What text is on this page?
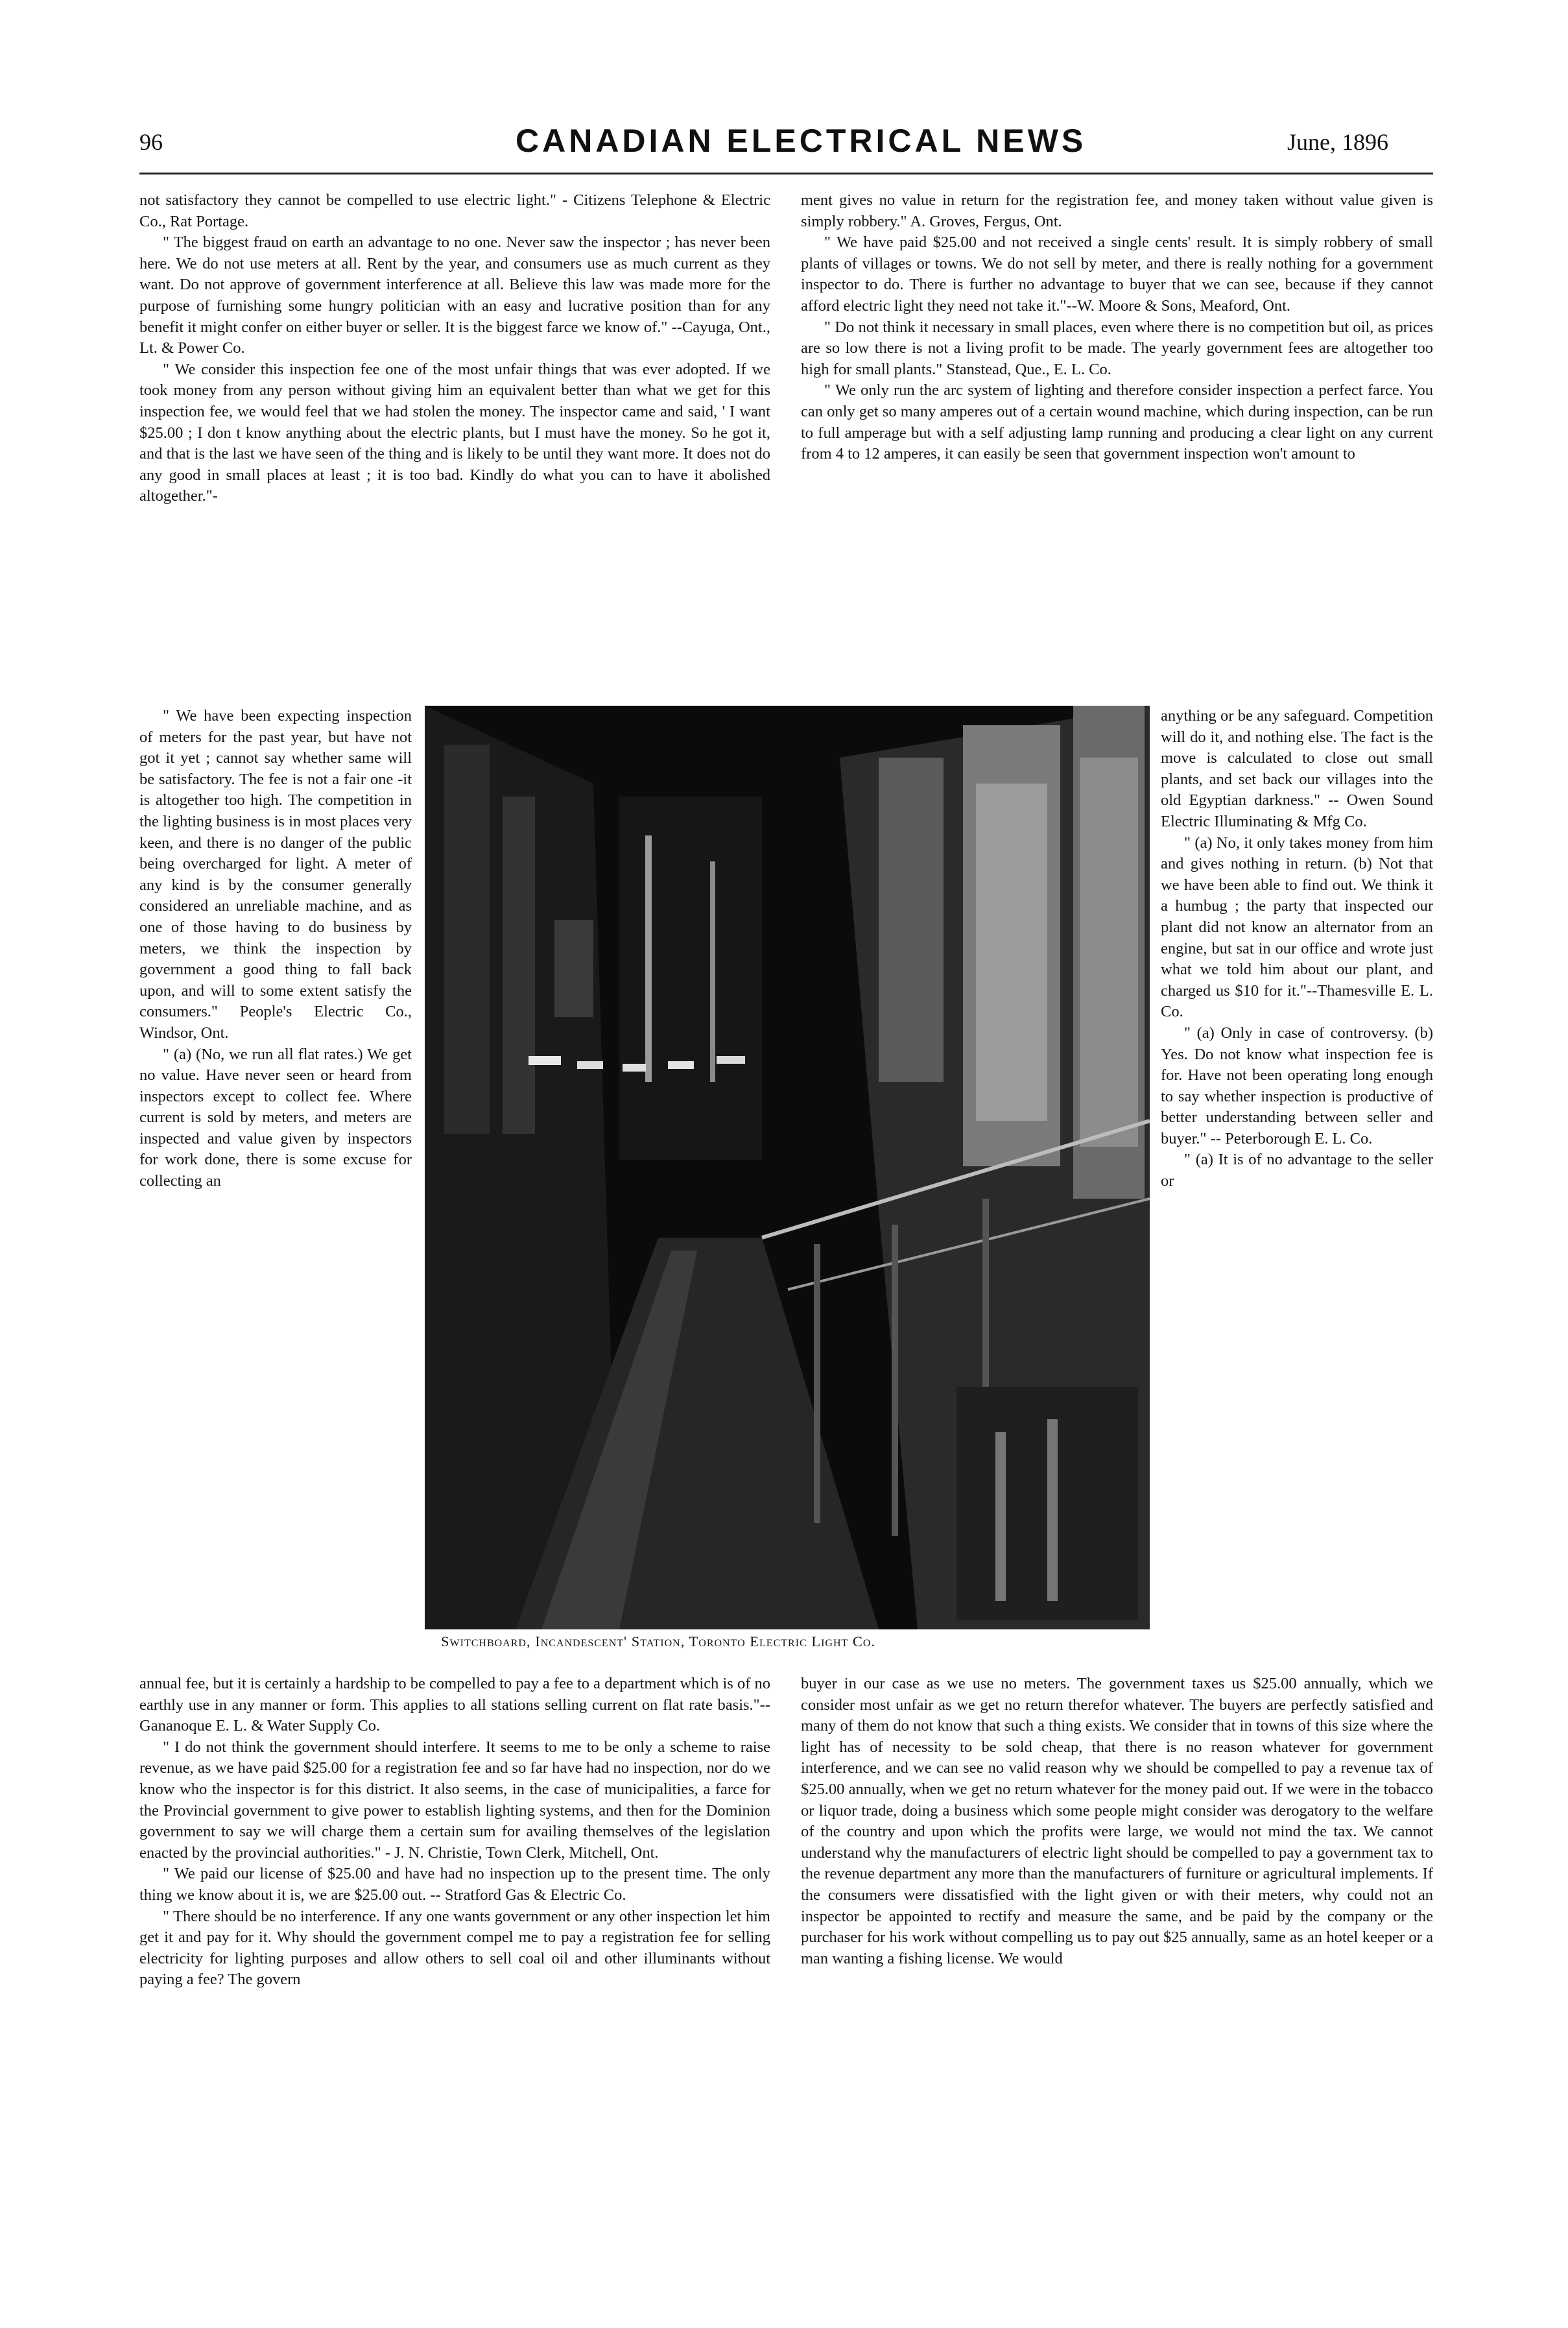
96	CANADIAN ELECTRICAL NEWS	June, 1896

not satisfactory they cannot be compelled to use electric light." - Citizens Telephone & Electric Co., Rat Portage.

" The biggest fraud on earth an advantage to no one. Never saw the inspector ; has never been here. We do not use meters at all. Rent by the year, and consumers use as much current as they want. Do not approve of government interference at all. Believe this law was made more for the purpose of furnishing some hungry politician with an easy and lucrative position than for any benefit it might confer on either buyer or seller. It is the biggest farce we know of." --Cayuga, Ont., Lt. & Power Co.

" We consider this inspection fee one of the most unfair things that was ever adopted. If we took money from any person without giving him an equivalent better than what we get for this inspection fee, we would feel that we had stolen the money. The inspector came and said, ' I want $25.00 ; I don t know anything about the electric plants, but I must have the money. So he got it, and that is the last we have seen of the thing and is likely to be until they want more. It does not do any good in small places at least ; it is too bad. Kindly do what you can to have it abolished altogether."-

" We have been expecting inspection of meters for the past year, but have not got it yet ; cannot say whether same will be satisfactory. The fee is not a fair one -it is altogether too high. The competition in the lighting business is in most places very keen, and there is no danger of the public being overcharged for light. A meter of any kind is by the consumer generally considered an unreliable machine, and as one of those having to do business by meters, we think the inspection by government a good thing to fall back upon, and will to some extent satisfy the consumers." People's Electric Co., Windsor, Ont.

" (a) (No, we run all flat rates.) We get no value. Have never seen or heard from inspectors except to collect fee. Where current is sold by meters, and meters are inspected and value given by inspectors for work done, there is some excuse for collecting an

annual fee, but it is certainly a hardship to be compelled to pay a fee to a department which is of no earthly use in any manner or form. This applies to all stations selling current on flat rate basis."--Gananoque E. L. & Water Supply Co.

" I do not think the government should interfere. It seems to me to be only a scheme to raise revenue, as we have paid $25.00 for a registration fee and so far have had no inspection, nor do we know who the inspector is for this district. It also seems, in the case of municipalities, a farce for the Provincial government to give power to establish lighting systems, and then for the Dominion government to say we will charge them a certain sum for availing themselves of the legislation enacted by the provincial authorities." - J. N. Christie, Town Clerk, Mitchell, Ont.

" We paid our license of $25.00 and have had no inspection up to the present time. The only thing we know about it is, we are $25.00 out. -- Stratford Gas & Electric Co.

" There should be no interference. If any one wants government or any other inspection let him get it and pay for it. Why should the government compel me to pay a registration fee for selling electricity for lighting purposes and allow others to sell coal oil and other illuminants without paying a fee? The govern

ment gives no value in return for the registration fee, and money taken without value given is simply robbery." A. Groves, Fergus, Ont.

" We have paid $25.00 and not received a single cents' result. It is simply robbery of small plants of villages or towns. We do not sell by meter, and there is really nothing for a government inspector to do. There is further no advantage to buyer that we can see, because if they cannot afford electric light they need not take it."--W. Moore & Sons, Meaford, Ont.

" Do not think it necessary in small places, even where there is no competition but oil, as prices are so low there is not a living profit to be made. The yearly government fees are altogether too high for small plants." Stanstead, Que., E. L. Co.

" We only run the arc system of lighting and therefore consider inspection a perfect farce. You can only get so many amperes out of a certain wound machine, which during inspection, can be run to full amperage but with a self adjusting lamp running and producing a clear light on any current from 4 to 12 amperes, it can easily be seen that government inspection won't amount to

anything or be any safeguard. Competition will do it, and nothing else. The fact is the move is calculated to close out small plants, and set back our villages into the old Egyptian darkness." -- Owen Sound Electric Illuminating & Mfg Co.

" (a) No, it only takes money from him and gives nothing in return. (b) Not that we have been able to find out. We think it a humbug ; the party that inspected our plant did not know an alternator from an engine, but sat in our office and wrote just what we told him about our plant, and charged us $10 for it."--Thamesville E. L. Co.

" (a) Only in case of controversy. (b) Yes. Do not know what inspection fee is for. Have not been operating long enough to say whether inspection is productive of better understanding between seller and buyer." -- Peterborough E. L. Co.

" (a) It is of no advantage to the seller or

buyer in our case as we use no meters. The government taxes us $25.00 annually, which we consider most unfair as we get no return therefor whatever. The buyers are perfectly satisfied and many of them do not know that such a thing exists. We consider that in towns of this size where the light has of necessity to be sold cheap, that there is no reason whatever for government interference, and we can see no valid reason why we should be compelled to pay a revenue tax of $25.00 annually, when we get no return whatever for the money paid out. If we were in the tobacco or liquor trade, doing a business which some people might consider was derogatory to the welfare of the country and upon which the profits were large, we would not mind the tax. We cannot understand why the manufacturers of electric light should be compelled to pay a government tax to the revenue department any more than the manufacturers of furniture or agricultural implements. If the consumers were dissatisfied with the light given or with their meters, why could not an inspector be appointed to rectify and measure the same, and be paid by the company or the purchaser for his work without compelling us to pay out $25 annually, same as an hotel keeper or a man wanting a fishing license. We would

Switchboard, Incandescent' Station, Toronto Electric Light Co.
